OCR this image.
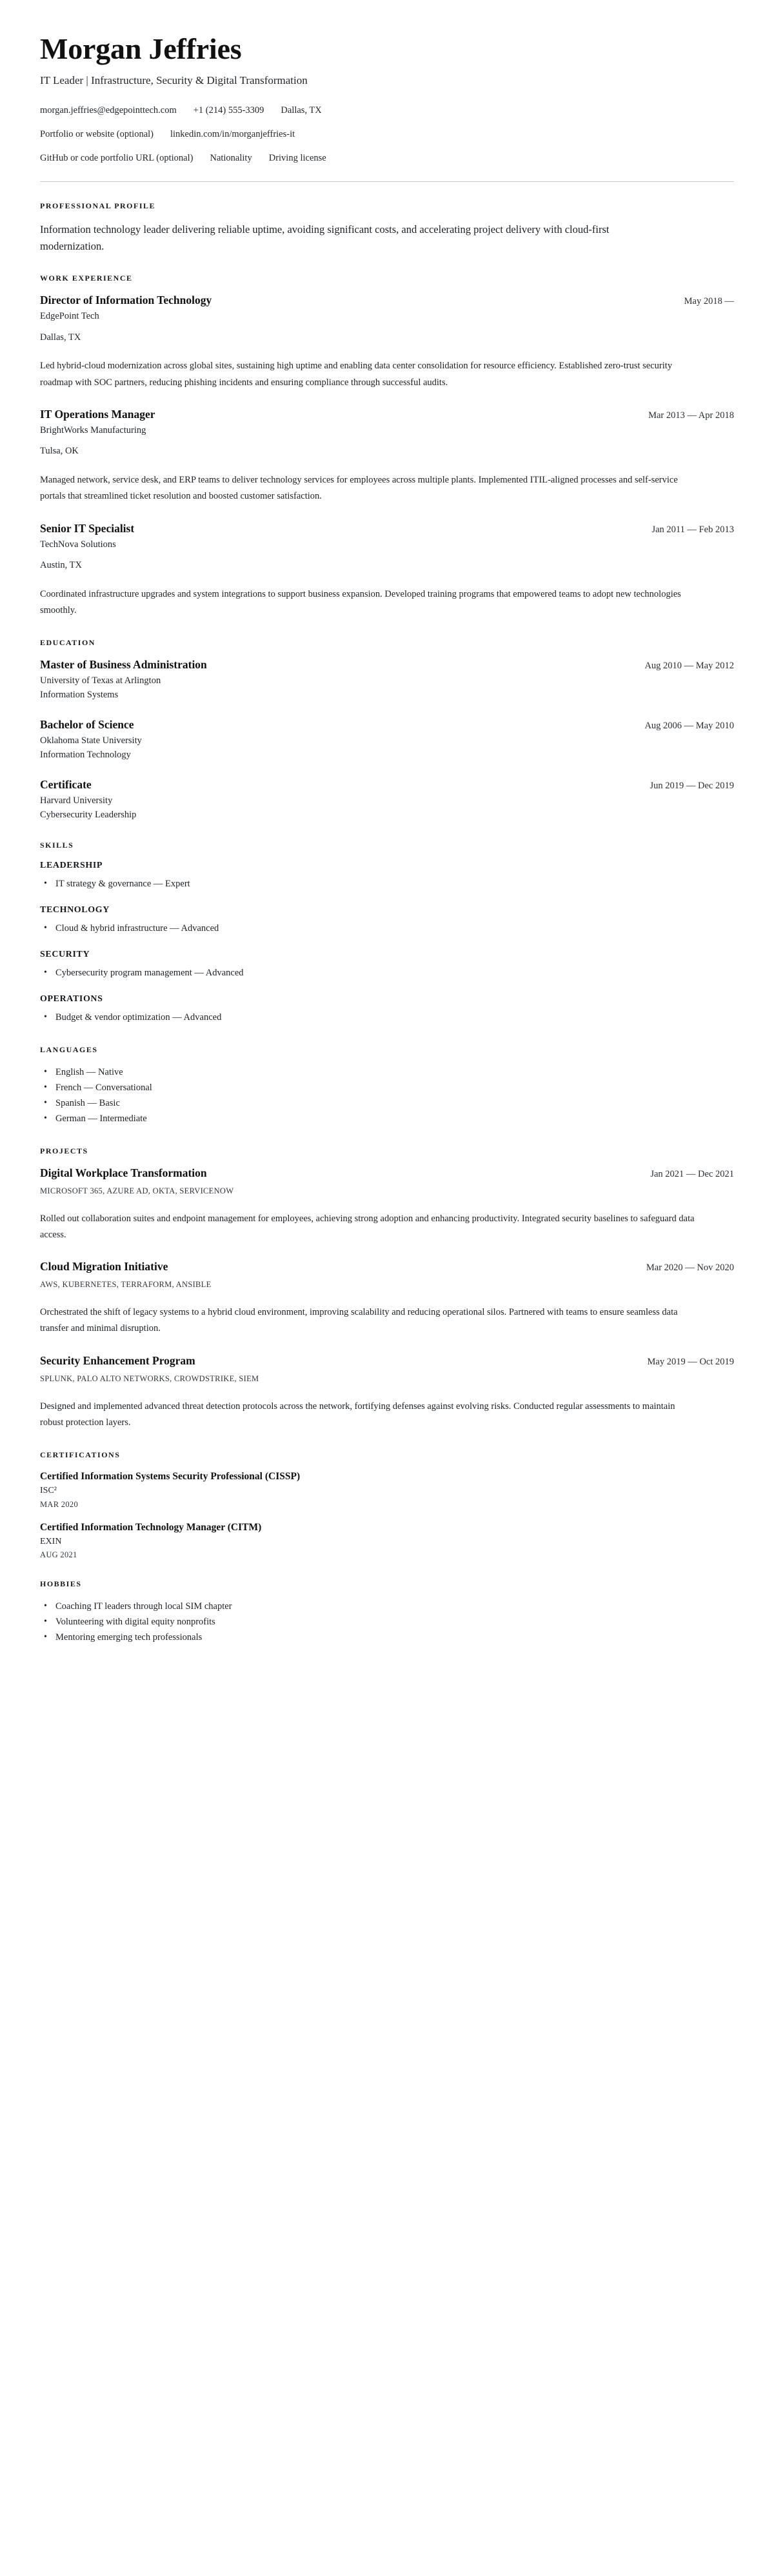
Morgan Jeffries
IT Leader | Infrastructure, Security & Digital Transformation
morgan.jeffries@edgepointtech.com +1 (214) 555-3309 Dallas, TX
Portfolio or website (optional) linkedin.com/in/morganjeffries-it
GitHub or code portfolio URL (optional) Nationality Driving license
PROFESSIONAL PROFILE

Information technology leader delivering reliable uptime, avoiding significant costs, and accelerating project delivery with cloud-first modernization.

WORK EXPERIENCE
Director of Information Technology	May 2018 —
EdgePoint Tech
Dallas, TX
Led hybrid-cloud modernization across global sites, sustaining high uptime and enabling data center consolidation for resource efficiency. Established zero-trust security roadmap with SOC partners, reducing phishing incidents and ensuring compliance through successful audits.
IT Operations Manager	Mar 2013 — Apr 2018
BrightWorks Manufacturing
Tulsa, OK
Managed network, service desk, and ERP teams to deliver technology services for employees across multiple plants. Implemented ITIL-aligned processes and self-service portals that streamlined ticket resolution and boosted customer satisfaction.
Senior IT Specialist	Jan 2011 — Feb 2013
TechNova Solutions
Austin, TX
Coordinated infrastructure upgrades and system integrations to support business expansion. Developed training programs that empowered teams to adopt new technologies smoothly.
EDUCATION
Master of Business Administration	Aug 2010 — May 2012
University of Texas at Arlington
Information Systems
Bachelor of Science	Aug 2006 — May 2010
Oklahoma State University
Information Technology
Certificate	Jun 2019 — Dec 2019
Harvard University
Cybersecurity Leadership
SKILLS
LEADERSHIP
• IT strategy & governance — Expert
TECHNOLOGY
• Cloud & hybrid infrastructure — Advanced
SECURITY
• Cybersecurity program management — Advanced
OPERATIONS
• Budget & vendor optimization — Advanced
LANGUAGES
• English — Native
• French — Conversational
• Spanish — Basic
• German — Intermediate
PROJECTS
Digital Workplace Transformation	Jan 2021 — Dec 2021
MICROSOFT 365, AZURE AD, OKTA, SERVICENOW
Rolled out collaboration suites and endpoint management for employees, achieving strong adoption and enhancing productivity. Integrated security baselines to safeguard data access.
Cloud Migration Initiative	Mar 2020 — Nov 2020
AWS, KUBERNETES, TERRAFORM, ANSIBLE
Orchestrated the shift of legacy systems to a hybrid cloud environment, improving scalability and reducing operational silos. Partnered with teams to ensure seamless data transfer and minimal disruption.
Security Enhancement Program	May 2019 — Oct 2019
SPLUNK, PALO ALTO NETWORKS, CROWDSTRIKE, SIEM
Designed and implemented advanced threat detection protocols across the network, fortifying defenses against evolving risks. Conducted regular assessments to maintain robust protection layers.
CERTIFICATIONS
Certified Information Systems Security Professional (CISSP)
ISC²
MAR 2020
Certified Information Technology Manager (CITM)
EXIN
AUG 2021
HOBBIES
• Coaching IT leaders through local SIM chapter
• Volunteering with digital equity nonprofits
• Mentoring emerging tech professionals
